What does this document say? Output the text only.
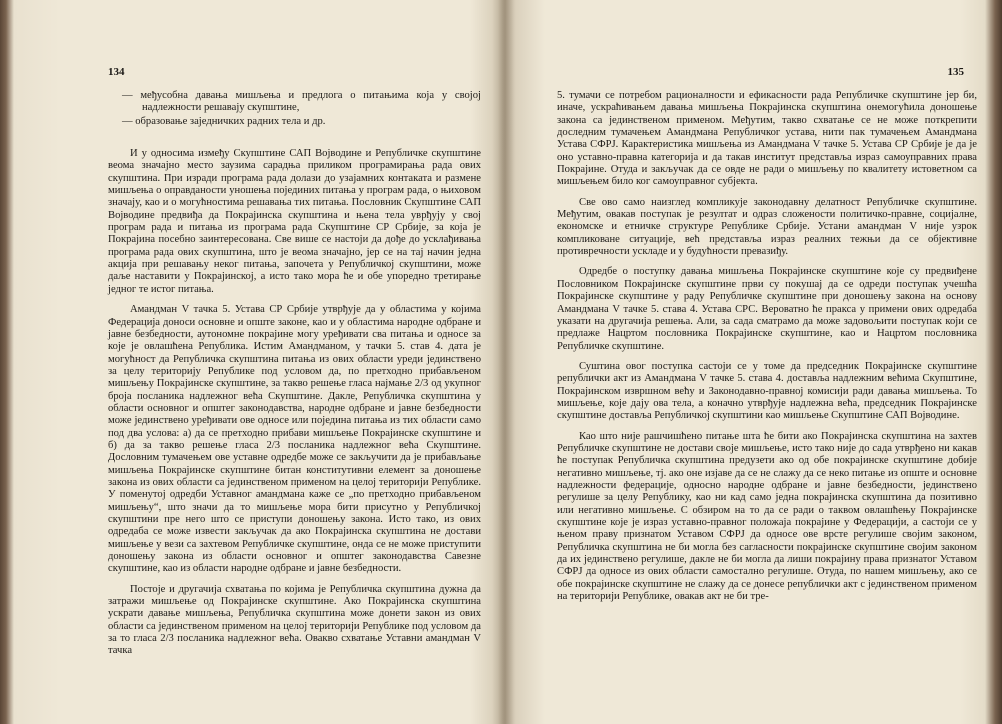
134

— међусобна давања мишљења и предлога о питањима која у својој надлежности решавају скупштине,

— образовање заједничких радних тела и др.

И у односима између Скупштине САП Војводине и Републичке скупштине веома значајно место заузима сарадња приликом програмирања рада ових скупштина. При изради програма рада долази до узајамних контаката и размене мишљења о оправданости уношења појединих питања у програм рада, о њиховом значају, као и о могућностима решавања тих питања. Пословник Скупштине САП Војводине предвиђа да Покрајинска скупштина и њена тела уврђују у свој програм рада и питања из програма рада Скупштине СР Србије, за која је Покрајина посебно заинтересована. Све више се настоји да дође до усклађивања програма рада ових скупштина, што је веома значајно, јер се на тај начин једна акција при решавању неког питања, започета у Републичкој скупштини, може даље наставити у Покрајинској, а исто тако мора ће и обе упоредно третирање једног те истог питања.

Амандман V тачка 5. Устава СР Србије утврђује да у областима у којима Федерација доноси основне и опште законе, као и у областима народне одбране и јавне безбедности, аутономне покрајине могу уређивати сва питања и односе за које је овлашћена Република. Истим Амандманом, у тачки 5. став 4. дата је могућност да Републичка скупштина питања из ових области уреди јединствено за целу територију Републике под условом да, по претходно прибављеном мишљењу Покрајинске скупштине, за такво решење гласа најмање 2/3 од укупног броја посланика надлежног већа Скупштине. Дакле, Републичка скупштина у области основног и општег законодавства, народне одбране и јавне безбедности може јединствено уређивати ове односе или поједина питања из тих области само под два услова: а) да се претходно прибави мишљење Покрајинске скупштине и б) да за такво решење гласа 2/3 посланика надлежног већа Скупштине. Дословним тумачењем ове уставне одредбе може се закључити да је прибављање мишљења Покрајинске скупштине битан конститутивни елемент за доношење закона из ових области са јединственом применом на целој територији Републике. У поменутој одредби Уставног амандмана каже се „по претходно прибављеном мишљењу“, што значи да то мишљење мора бити присутно у Републичкој скупштини пре него што се приступи доношењу закона. Исто тако, из ових одредаба се може извести закључак да ако Покрајинска скупштина не достави мишљење у вези са захтевом Републичке скупштине, онда се не може приступити доношењу закона из области основног и општег законодавства Савезне скупштине, као из области народне одбране и јавне безбедности.

Постоје и другачија схватања по којима је Републичка скупштина дужна да затражи мишљење од Покрајинске скупштине. Ако Покрајинска скупштина ускрати давање мишљења, Републичка скупштина може донети закон из ових области са јединственом применом на целој територији Републике под условом да за то гласа 2/3 посланика надлежног већа. Овакво схватање Уставни амандман V тачка

135

5. тумачи се потребом рационалности и ефикасности рада Републичке скупштине јер би, иначе, ускраћивањем давања мишљења Покрајинска скупштина онемогућила доношење закона са јединственом применом. Међутим, такво схватање се не може поткрепити доследним тумачењем Амандмана Републичког устава, нити пак тумачењем Амандмана Устава СФРЈ. Карактеристика мишљења из Амандмана V тачке 5. Устава СР Србије је да је оно уставно-правна категорија и да такав институт представља израз самоуправних права Покрајине. Отуда и закључак да се овде не ради о мишљењу по квалитету истоветном са мишљењем било ког самоуправног субјекта.

Све ово само наизглед компликује законодавну делатност Републичке скупштине. Међутим, овакав поступак је резултат и одраз сложености политичко-правне, социјалне, економске и етничке структуре Републике Србије. Устани амандман V није узрок компликоване ситуације, већ представља израз реалних тежњи да се објективне противречности ускладе и у будућности превазиђу.

Одредбе о поступку давања мишљења Покрајинске скупштине које су предвиђене Пословником Покрајинске скупштине први су покушај да се одреди поступак учешћа Покрајинске скупштине у раду Републичке скупштине при доношењу закона на основу Амандмана V тачке 5. става 4. Устава СРС. Вероватно ће пракса у примени ових одредаба указати на другачија решења. Али, за сада сматрамо да може задовољити поступак који се предлаже Нацртом пословника Покрајинске скупштине, као и Нацртом пословника Републичке скупштине.

Суштина овог поступка састоји се у томе да председник Покрајинске скупштине републички акт из Амандмана V тачке 5. става 4. доставља надлежним већима Скупштине, Покрајинском извршном већу и Законодавно-правној комисији ради давања мишљења. То мишљење, које дају ова тела, а коначно утврђује надлежна већа, председник Покрајинске скупштине доставља Републичкој скупштини као мишљење Скупштине САП Војводине.

Као што није рашчишћено питање шта ће бити ако Покрајинска скупштина на захтев Републичке скупштине не достави своје мишљење, исто тако није до сада утврђено ни какав ће поступак Републичка скупштина предузети ако од обе покрајинске скупштине добије негативно мишљење, тј. ако оне изјаве да се не слажу да се неко питање из опште и основне надлежности федерације, односно народне одбране и јавне безбедности, јединствено регулише за целу Републику, као ни кад само једна покрајинска скупштина да позитивно или негативно мишљење. С обзиром на то да се ради о таквом овлашћењу Покрајинске скупштине које је израз уставно-правног положаја покрајине у Федерацији, а састоји се у њеном праву признатом Уставом СФРЈ да односе ове врсте регулише својим законом, Републичка скупштина не би могла без сагласности покрајинске скупштине својим законом да их јединствено регулише, дакле не би могла да лиши покрајину права признатог Уставом СФРЈ да односе из ових области самостално регулише. Отуда, по нашем мишљењу, ако се обе покрајинске скупштине не слажу да се донесе републички акт с јединственом применом на територији Републике, овакав акт не би тре-
